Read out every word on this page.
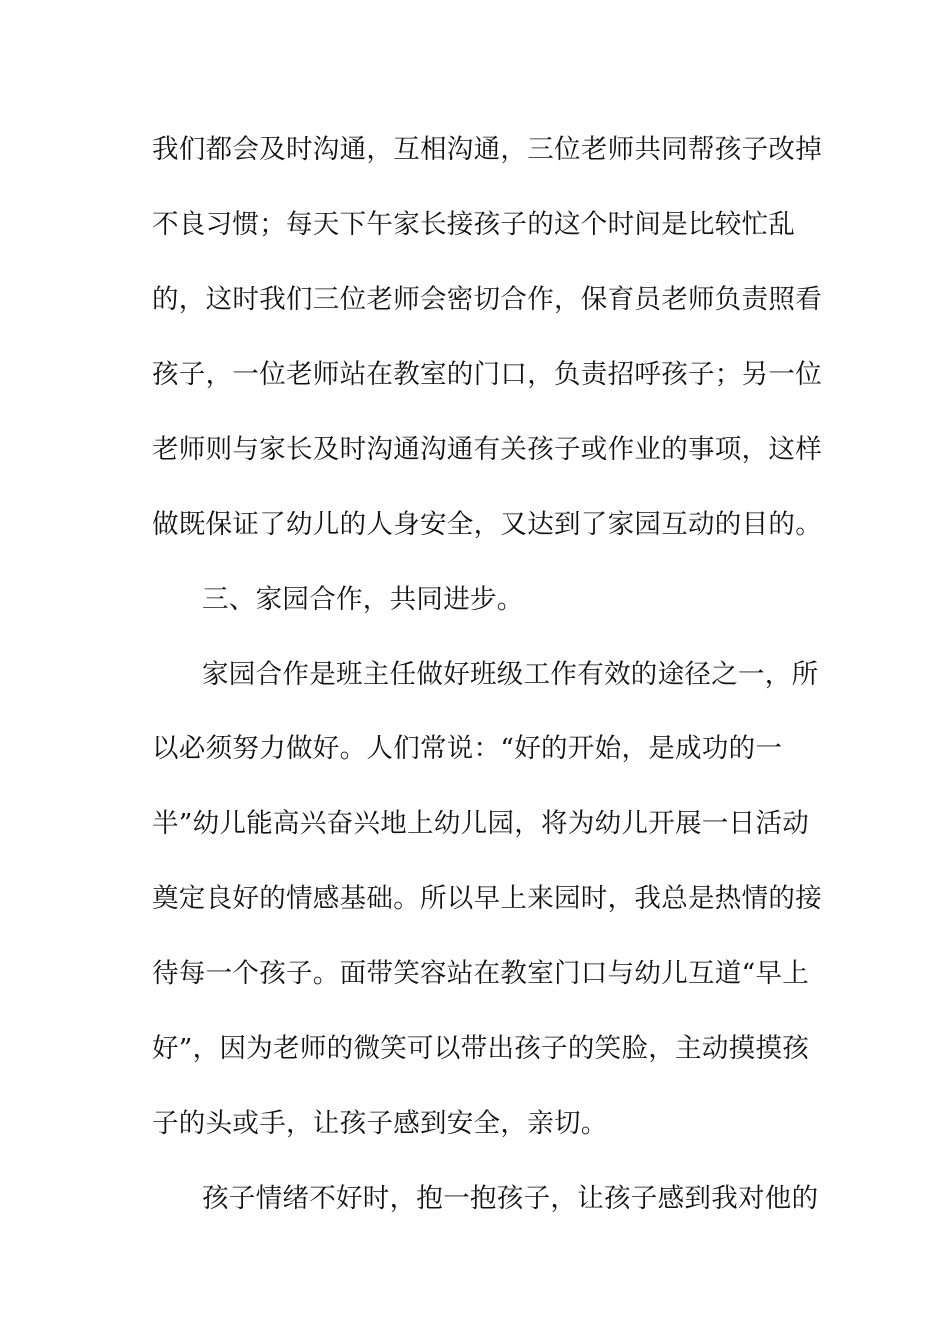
我们都会及时沟通，互相沟通，三位老师共同帮孩子改掉
不良习惯；每天下午家长接孩子的这个时间是比较忙乱
的，这时我们三位老师会密切合作，保育员老师负责照看
孩子，一位老师站在教室的门口，负责招呼孩子；另一位
老师则与家长及时沟通沟通有关孩子或作业的事项，这样
做既保证了幼儿的人身安全，又达到了家园互动的目的。
三、家园合作，共同进步。
家园合作是班主任做好班级工作有效的途径之一，所
以必须努力做好。人们常说：“好的开始，是成功的一
半”幼儿能高兴奋兴地上幼儿园，将为幼儿开展一日活动
奠定良好的情感基础。所以早上来园时，我总是热情的接
待每一个孩子。面带笑容站在教室门口与幼儿互道“早上
好”，因为老师的微笑可以带出孩子的笑脸，主动摸摸孩
子的头或手，让孩子感到安全，亲切。
孩子情绪不好时，抱一抱孩子，让孩子感到我对他的
